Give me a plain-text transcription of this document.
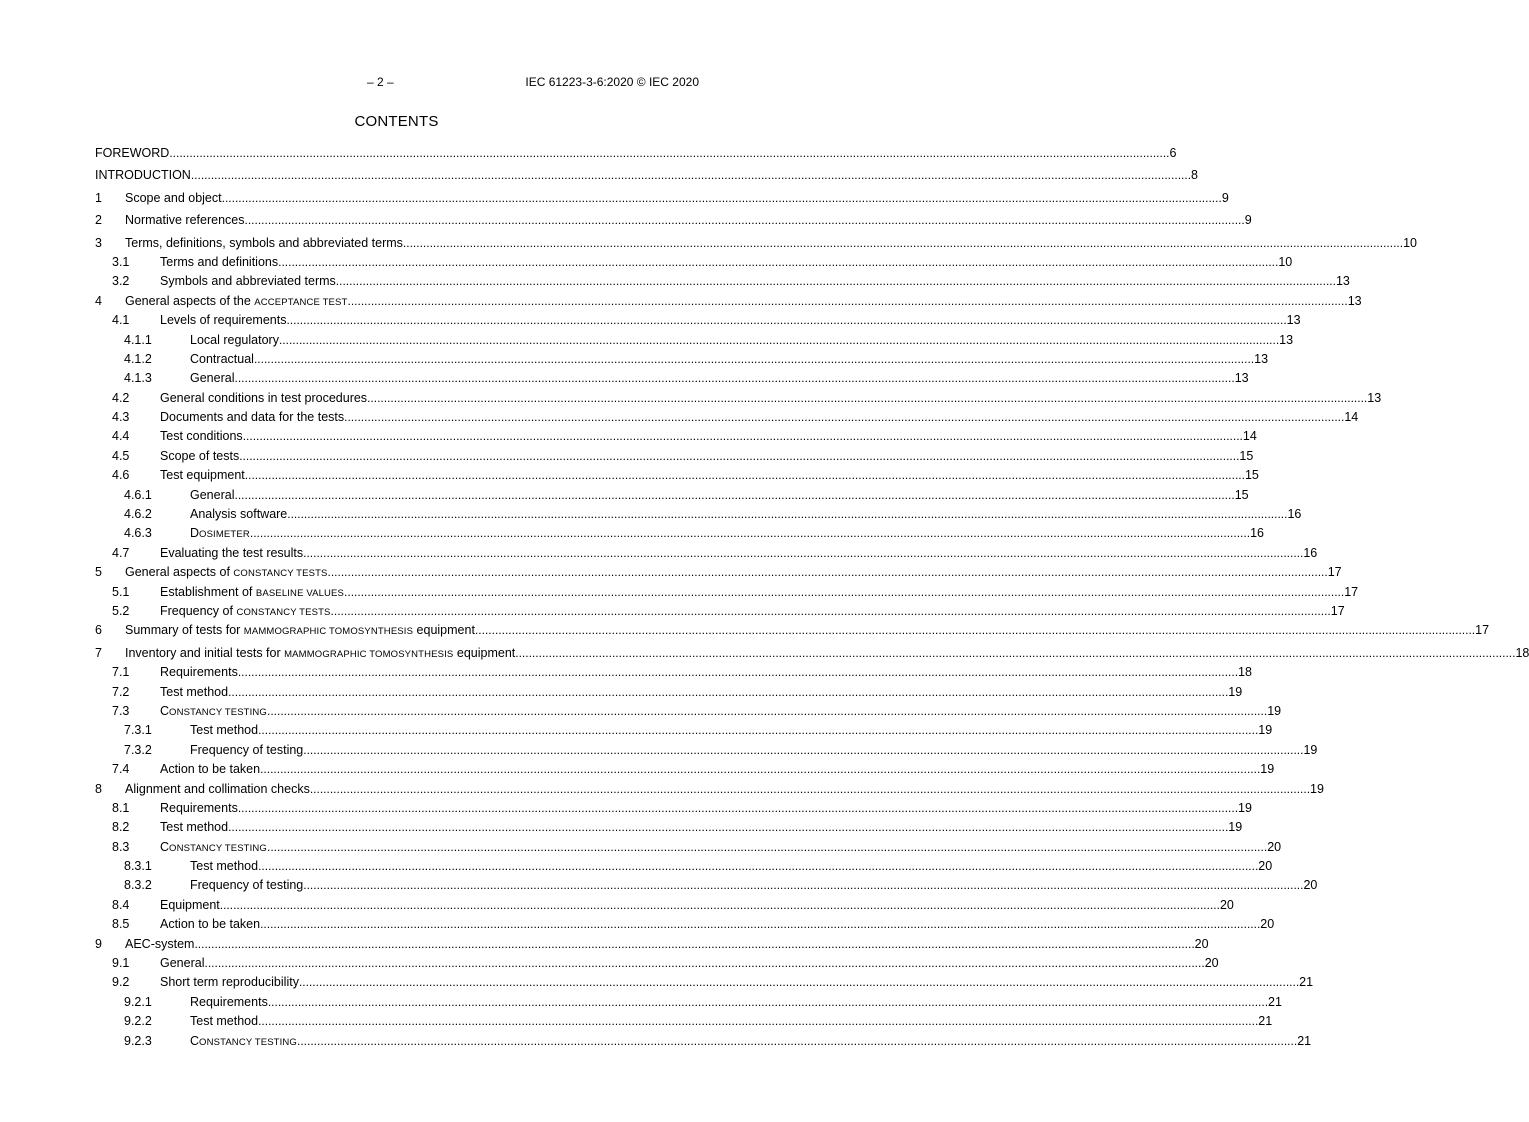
– 2 –	IEC 61223-3-6:2020 © IEC 2020
CONTENTS
FOREWORD ............................................................................................................................................................................................................................................................................................................ 6
INTRODUCTION ............................................................................................................................................................................................................................................................................................................ 8
1 Scope and object ............................................................................................................................................................................................................................................................................................................ 9
2 Normative references ............................................................................................................................................................................................................................................................................................................ 9
3 Terms, definitions, symbols and abbreviated terms ............................................................................................................................................................................................................................................................................................................ 10
3.1 Terms and definitions ............................................................................................................................................................................................................................................................................................................ 10
3.2 Symbols and abbreviated terms ............................................................................................................................................................................................................................................................................................................ 13
4 General aspects of the ACCEPTANCE TEST ............................................................................................................................................................................................................................................................................................................ 13
4.1 Levels of requirements ............................................................................................................................................................................................................................................................................................................ 13
4.1.1	Local regulatory ............................................................................................................................................................................................................................................................................................................ 13
4.1.2	Contractual ............................................................................................................................................................................................................................................................................................................ 13
4.1.3	General ............................................................................................................................................................................................................................................................................................................ 13
4.2 General conditions in test procedures ............................................................................................................................................................................................................................................................................................................ 13
4.3 Documents and data for the tests ............................................................................................................................................................................................................................................................................................................ 14
4.4 Test conditions ............................................................................................................................................................................................................................................................................................................ 14
4.5 Scope of tests ............................................................................................................................................................................................................................................................................................................ 15
4.6 Test equipment ............................................................................................................................................................................................................................................................................................................ 15
4.6.1	General ............................................................................................................................................................................................................................................................................................................ 15
4.6.2	Analysis software ............................................................................................................................................................................................................................................................................................................ 16
4.6.3	DOSIMETER ............................................................................................................................................................................................................................................................................................................ 16
4.7 Evaluating the test results ............................................................................................................................................................................................................................................................................................................ 16
5 General aspects of CONSTANCY TESTS ............................................................................................................................................................................................................................................................................................................ 17
5.1 Establishment of BASELINE VALUES ............................................................................................................................................................................................................................................................................................................ 17
5.2 Frequency of CONSTANCY TESTS ............................................................................................................................................................................................................................................................................................................ 17
6 Summary of tests for MAMMOGRAPHIC TOMOSYNTHESIS equipment ............................................................................................................................................................................................................................................................................................................ 17
7 Inventory and initial tests for MAMMOGRAPHIC TOMOSYNTHESIS equipment ............................................................................................................................................................................................................................................................................................................ 18
7.1 Requirements ............................................................................................................................................................................................................................................................................................................ 18
7.2 Test method ............................................................................................................................................................................................................................................................................................................ 19
7.3 CONSTANCY TESTING ............................................................................................................................................................................................................................................................................................................ 19
7.3.1	Test method ............................................................................................................................................................................................................................................................................................................ 19
7.3.2	Frequency of testing ............................................................................................................................................................................................................................................................................................................ 19
7.4 Action to be taken ............................................................................................................................................................................................................................................................................................................ 19
8 Alignment and collimation checks ............................................................................................................................................................................................................................................................................................................ 19
8.1 Requirements ............................................................................................................................................................................................................................................................................................................ 19
8.2 Test method ............................................................................................................................................................................................................................................................................................................ 19
8.3 CONSTANCY TESTING ............................................................................................................................................................................................................................................................................................................ 20
8.3.1	Test method ............................................................................................................................................................................................................................................................................................................ 20
8.3.2	Frequency of testing ............................................................................................................................................................................................................................................................................................................ 20
8.4 Equipment ............................................................................................................................................................................................................................................................................................................ 20
8.5 Action to be taken ............................................................................................................................................................................................................................................................................................................ 20
9 AEC-system ............................................................................................................................................................................................................................................................................................................ 20
9.1 General ............................................................................................................................................................................................................................................................................................................ 20
9.2 Short term reproducibility ............................................................................................................................................................................................................................................................................................................ 21
9.2.1	Requirements ............................................................................................................................................................................................................................................................................................................ 21
9.2.2	Test method ............................................................................................................................................................................................................................................................................................................ 21
9.2.3	CONSTANCY TESTING ............................................................................................................................................................................................................................................................................................................ 21
